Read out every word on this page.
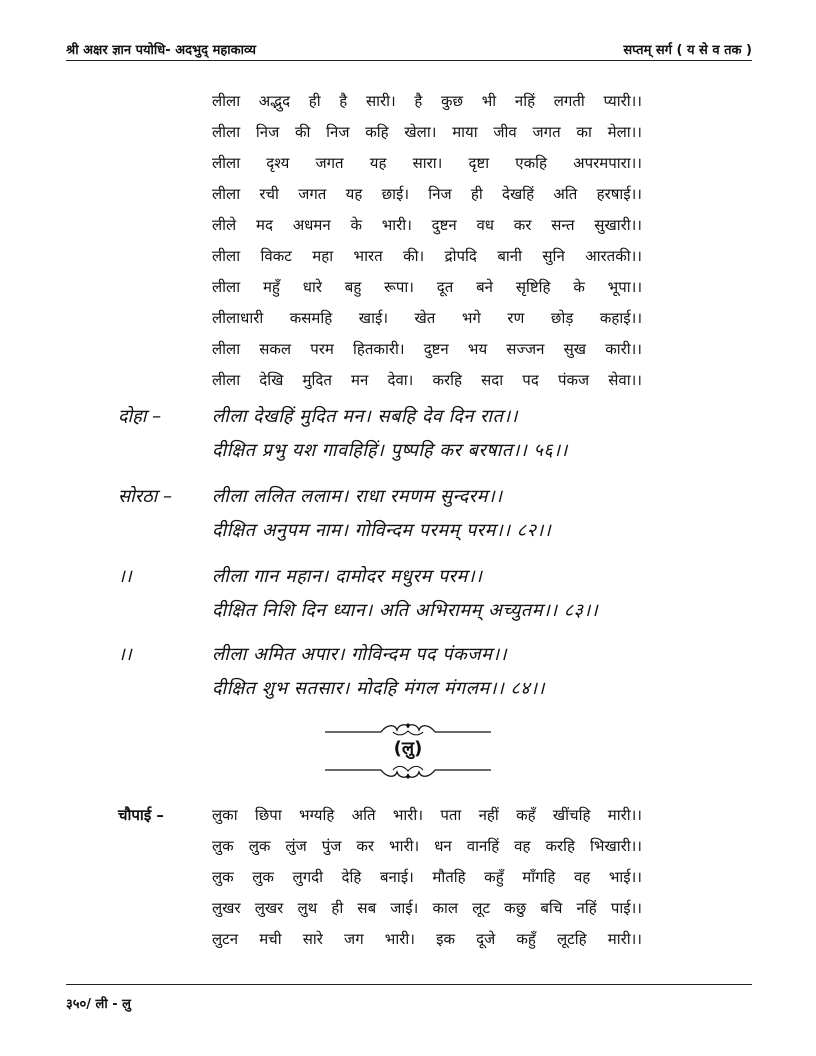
श्री अक्षर ज्ञान पयोधि- अदभुद् महाकाव्य	सप्तम् सर्ग ( य से व तक )
लीला अद्भुद ही है सारी। है कुछ भी नहिं लगती प्यारी।।
लीला निज की निज कहि खेला। माया जीव जगत का मेला।।
लीला दृश्य जगत यह सारा। दृष्टा एकहि अपरमपारा।।
लीला रची जगत यह छाई। निज ही देखहिं अति हरषाई।।
लीले मद अधमन के भारी। दुष्टन वध कर सन्त सुखारी।।
लीला विकट महा भारत की। द्रोपदि बानी सुनि आरतकी।।
लीला महुँ धारे बहु रूपा। दूत बने सृष्टिहि के भूपा।।
लीलाधारी कसमहि खाई। खेत भगे रण छोड़ कहाई।।
लीला सकल परम हितकारी। दुष्टन भय सज्जन सुख कारी।।
लीला देखि मुदित मन देवा। करहि सदा पद पंकज सेवा।।
दोहा –	लीला देखहिं मुदित मन। सबहि देव दिन रात।।
दीक्षित प्रभु यश गावहिहिं। पुष्पहि कर बरषात।। ५६।।
सोरठा – लीला ललित ललाम। राधा रमणम सुन्दरम।।
दीक्षित अनुपम नाम। गोविन्दम परमम् परम।। ८२।।
।।	लीला गान महान। दामोदर मधुरम परम।।
दीक्षित निशि दिन ध्यान। अति अभिरामम् अच्युतम।। ८३।।
।।	लीला अमित अपार। गोविन्दम पद पंकजम।।
दीक्षित शुभ सतसार। मोदहि मंगल मंगलम।। ८४।।
(लु)
चौपाई –	लुका छिपा भग्यहि अति भारी। पता नहीं कहँ खींचहि मारी।।
लुक लुक लुंज पुंज कर भारी। धन वानहिं वह करहि भिखारी।।
लुक लुक लुगदी देहि बनाई। मौतहि कहुँ माँगहि वह भाई।।
लुखर लुखर लुथ ही सब जाई। काल लूट कछु बचि नहिं पाई।।
लुटन मची सारे जग भारी। इक दूजे कहुँ लूटहि मारी।।
३५०/ ली - लु
